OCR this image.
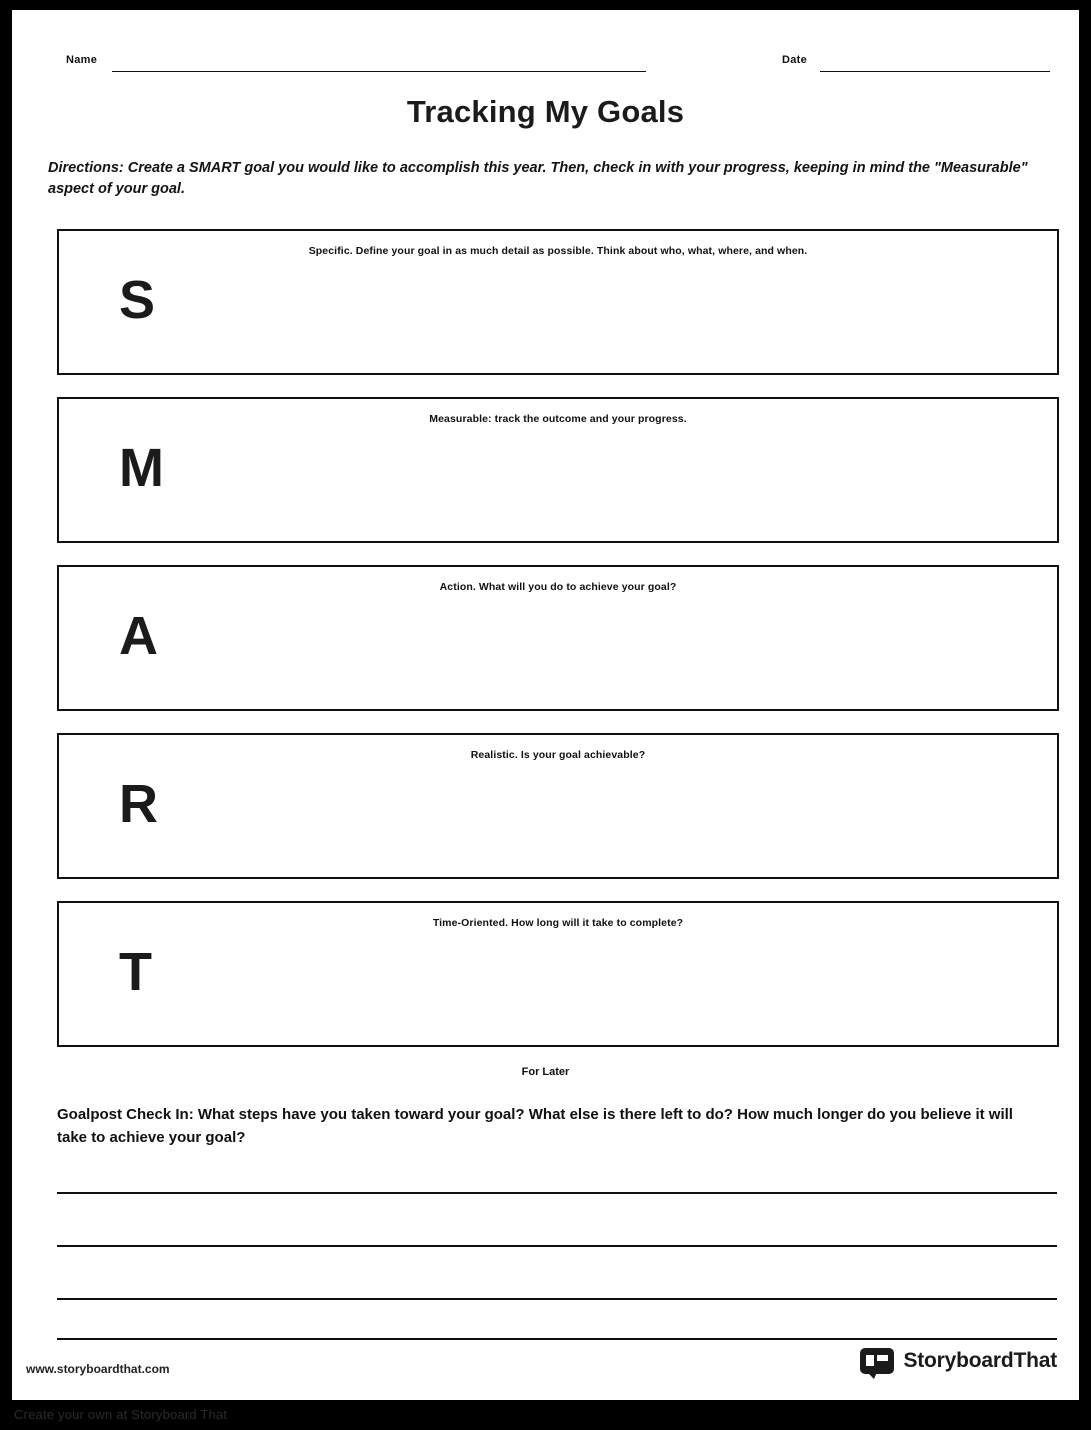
Name	Date
Tracking My Goals
Directions: Create a SMART goal you would like to accomplish this year. Then, check in with your progress, keeping in mind the "Measurable" aspect of your goal.
Specific. Define your goal in as much detail as possible. Think about who, what, where, and when.
S
Measurable: track the outcome and your progress.
M
Action. What will you do to achieve your goal?
A
Realistic. Is your goal achievable?
R
Time-Oriented. How long will it take to complete?
T
For Later
Goalpost Check In: What steps have you taken toward your goal? What else is there left to do? How much longer do you believe it will take to achieve your goal?
www.storyboardthat.com	StoryboardThat
Create your own at Storyboard That
